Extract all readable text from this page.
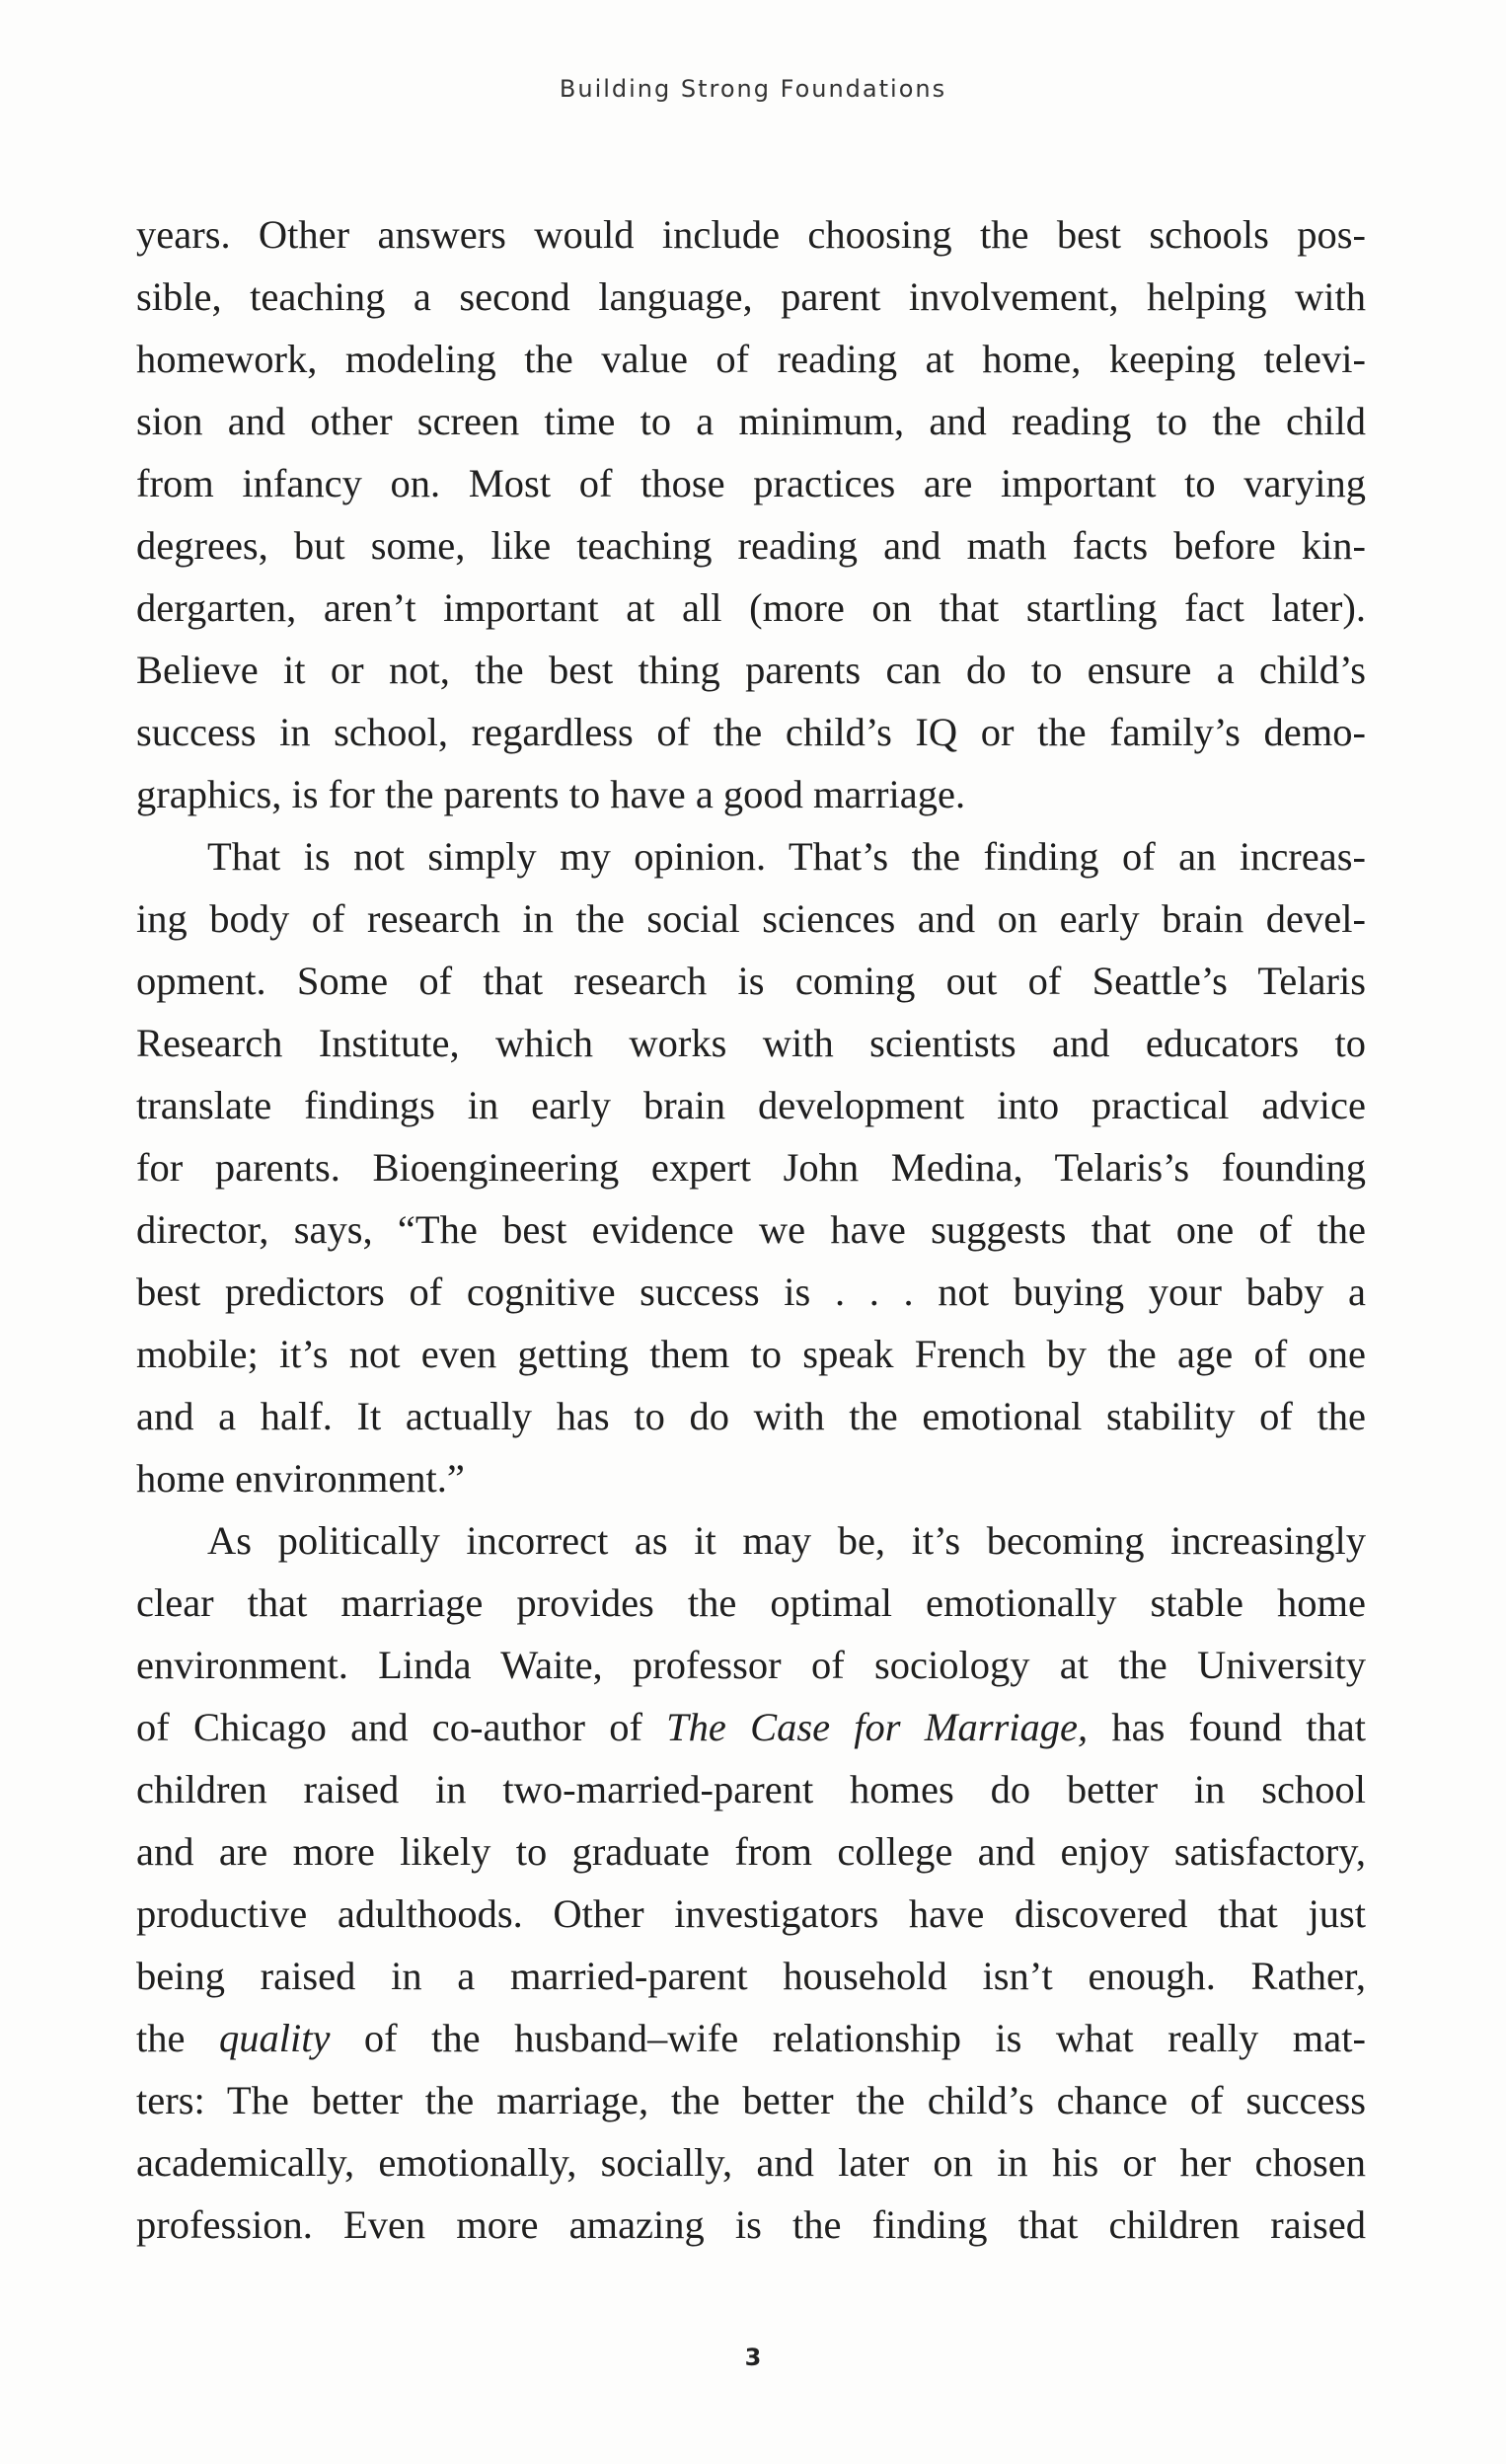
Building Strong Foundations

years. Other answers would include choosing the best schools pos-
sible, teaching a second language, parent involvement, helping with
homework, modeling the value of reading at home, keeping televi-
sion and other screen time to a minimum, and reading to the child
from infancy on. Most of those practices are important to varying
degrees, but some, like teaching reading and math facts before kin-
dergarten, aren’t important at all (more on that startling fact later).
Believe it or not, the best thing parents can do to ensure a child’s
success in school, regardless of the child’s IQ or the family’s demo-
graphics, is for the parents to have a good marriage.

That is not simply my opinion. That’s the finding of an increas-
ing body of research in the social sciences and on early brain devel-
opment. Some of that research is coming out of Seattle’s Telaris
Research Institute, which works with scientists and educators to
translate findings in early brain development into practical advice
for parents. Bioengineering expert John Medina, Telaris’s founding
director, says, “The best evidence we have suggests that one of the
best predictors of cognitive success is . . . not buying your baby a
mobile; it’s not even getting them to speak French by the age of one
and a half. It actually has to do with the emotional stability of the
home environment.”

As politically incorrect as it may be, it’s becoming increasingly
clear that marriage provides the optimal emotionally stable home
environment. Linda Waite, professor of sociology at the University
of Chicago and co-author of The Case for Marriage, has found that
children raised in two-married-parent homes do better in school
and are more likely to graduate from college and enjoy satisfactory,
productive adulthoods. Other investigators have discovered that just
being raised in a married-parent household isn’t enough. Rather,
the quality of the husband–wife relationship is what really mat-
ters: The better the marriage, the better the child’s chance of success
academically, emotionally, socially, and later on in his or her chosen
profession. Even more amazing is the finding that children raised

3
